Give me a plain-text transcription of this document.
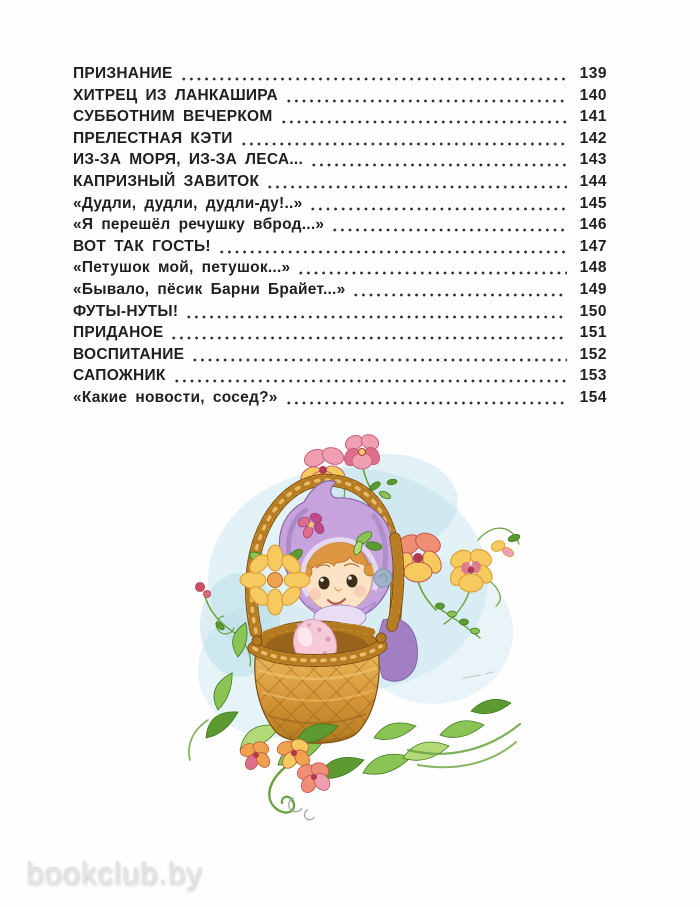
ПРИЗНАНИЕ	139
ХИТРЕЦ ИЗ ЛАНКАШИРА	140
СУББОТНИМ ВЕЧЕРКОМ	141
ПРЕЛЕСТНАЯ КЭТИ	142
ИЗ-ЗА МОРЯ, ИЗ-ЗА ЛЕСА...	143
КАПРИЗНЫЙ ЗАВИТОК	144
«Дудли, дудли, дудли-ду!..»	145
«Я перешёл речушку вброд...»	146
ВОТ ТАК ГОСТЬ!	147
«Петушок мой, петушок...»	148
«Бывало, пёсик Барни Брайет...»	149
ФУТЫ-НУТЫ!	150
ПРИДАНОЕ	151
ВОСПИТАНИЕ	152
САПОЖНИК	153
«Какие новости, сосед?»	154
bookclub.by
